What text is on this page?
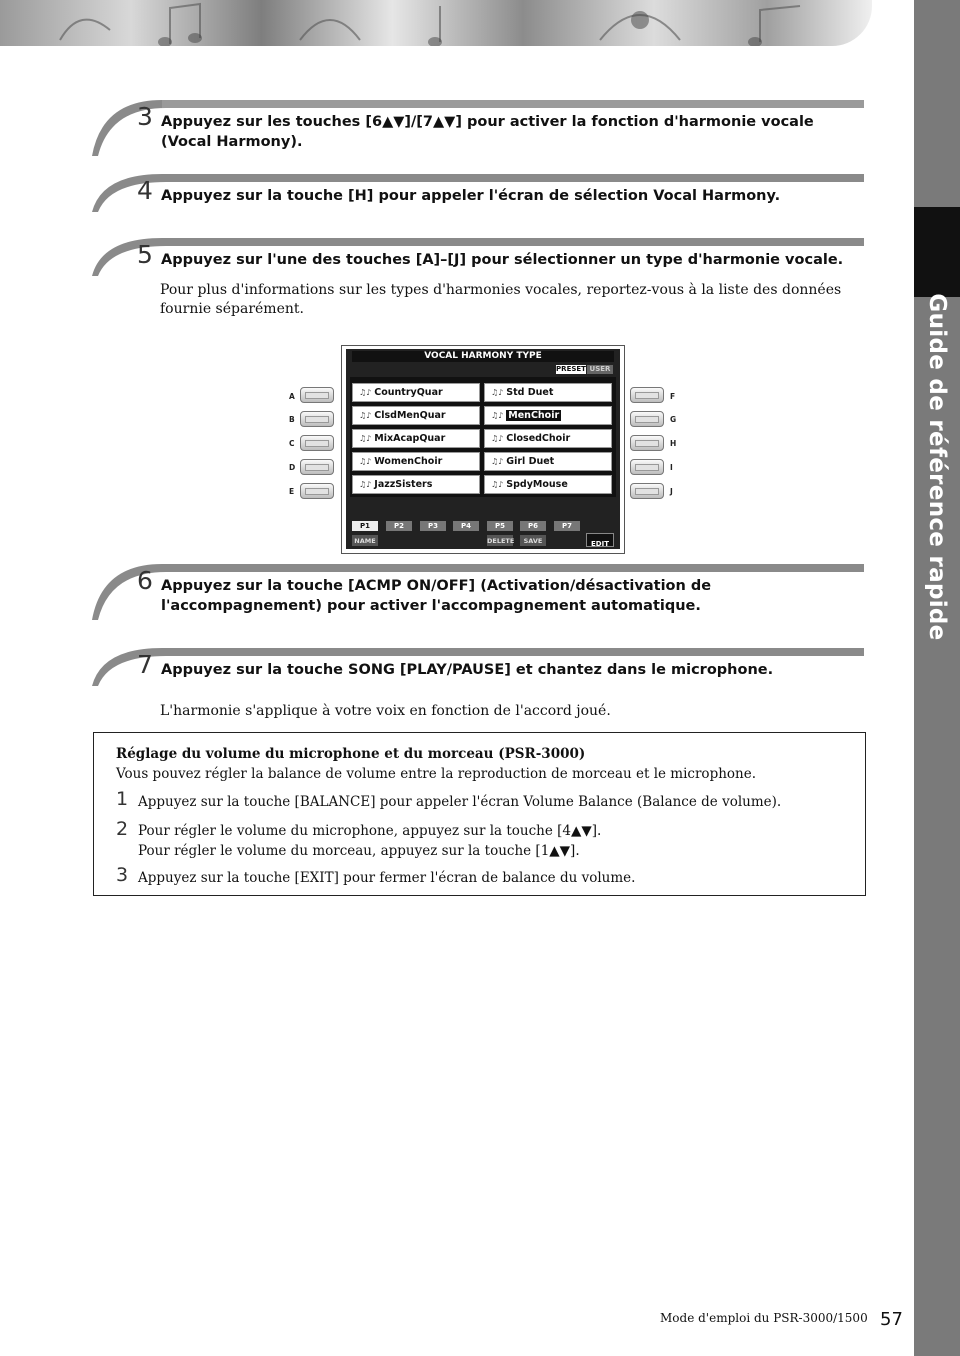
Guide de référence rapide
3 Appuyez sur les touches [6▲▼]/[7▲▼] pour activer la fonction d'harmonie vocale (Vocal Harmony).
4 Appuyez sur la touche [H] pour appeler l'écran de sélection Vocal Harmony.
5 Appuyez sur l'une des touches [A]–[J] pour sélectionner un type d'harmonie vocale.
Pour plus d'informations sur les types d'harmonies vocales, reportez-vous à la liste des données fournie séparément.
A
B
C
D
E
F
G
H
I
J
VOCAL HARMONY TYPE
PRESET USER
♫♪ CountryQuar
♫♪ ClsdMenQuar
♫♪ MixAcapQuar
♫♪ WomenChoir
♫♪ JazzSisters
♫♪ Std Duet
♫♪ MenChoir
♫♪ ClosedChoir
♫♪ Girl Duet
♫♪ SpdyMouse
P1	P2	P3	P4	P5	P6	P7
NAME	DELETE	SAVE	EDIT
6 Appuyez sur la touche [ACMP ON/OFF] (Activation/désactivation de l'accompagnement) pour activer l'accompagnement automatique.
7 Appuyez sur la touche SONG [PLAY/PAUSE] et chantez dans le microphone.
L'harmonie s'applique à votre voix en fonction de l'accord joué.
Réglage du volume du microphone et du morceau (PSR-3000)
Vous pouvez régler la balance de volume entre la reproduction de morceau et le microphone.
1 Appuyez sur la touche [BALANCE] pour appeler l'écran Volume Balance (Balance de volume).
2 Pour régler le volume du microphone, appuyez sur la touche [4▲▼].
Pour régler le volume du morceau, appuyez sur la touche [1▲▼].
3 Appuyez sur la touche [EXIT] pour fermer l'écran de balance du volume.
Mode d'emploi du PSR-3000/1500 57
